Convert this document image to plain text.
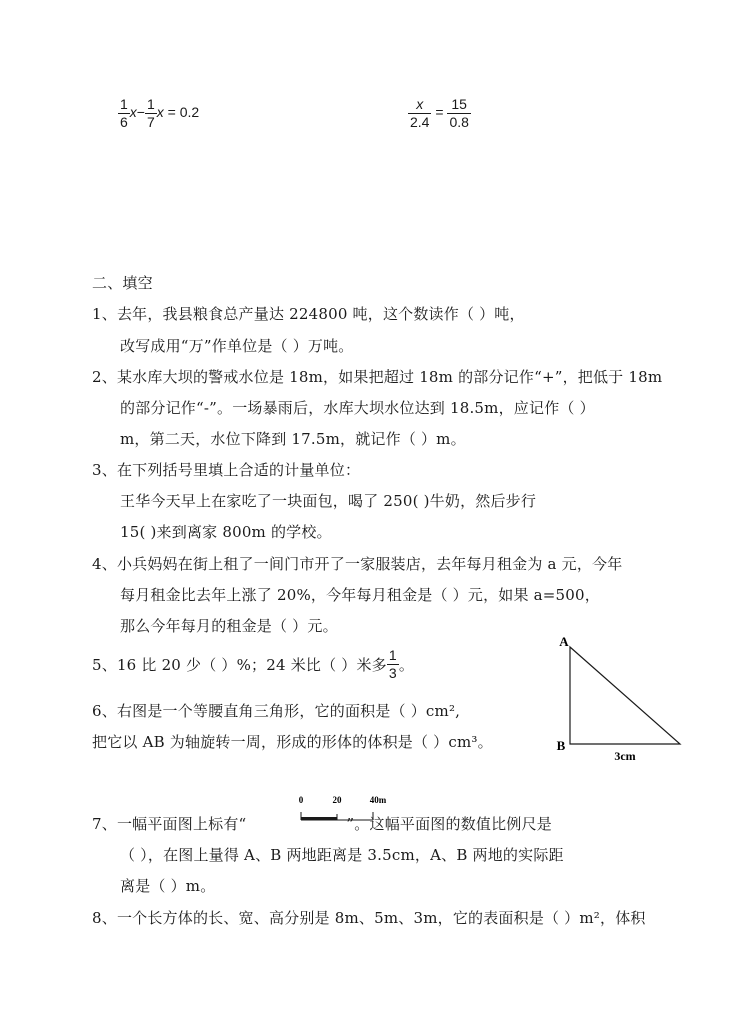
$\frac{1}{6} x- \frac{1}{7}$ x = 0.2	$\frac{x}{2.4} = \frac{15}{0.8}$
二、填空
1、去年，我县粮食总产量达 224800 吨，这个数读作（ ）吨，
改写成用“万”作单位是（ ）万吨。
2、某水库大坝的警戒水位是 18m，如果把超过 18m 的部分记作“+”，把低于 18m
的部分记作“-”。一场暴雨后，水库大坝水位达到 18.5m，应记作（ ）
m，第二天，水位下降到 17.5m，就记作（ ）m。
3、在下列括号里填上合适的计量单位：
王华今天早上在家吃了一块面包，喝了 250( )牛奶，然后步行
15( )来到离家 800m 的学校。
4、小兵妈妈在街上租了一间门市开了一家服装店，去年每月租金为 a 元，今年
每月租金比去年上涨了 20%，今年每月租金是（ ）元，如果 a=500，
那么今年每月的租金是（ ）元。
5、16 比 20 少（ ）%；24 米比（ ）米多 $\frac{1}{3}$ 。
6、右图是一个等腰直角三角形，它的面积是（ ）cm²,
把它以 AB 为轴旋转一周，形成的形体的体积是（ ）cm³。
A
B
3cm
7、一幅平面图上标有“	”。这幅平面图的数值比例尺是
0	20	40m
（ ），在图上量得 A、B 两地距离是 3.5cm，A、B 两地的实际距
离是（ ）m。
8、一个长方体的长、宽、高分别是 8m、5m、3m，它的表面积是（ ）m²，体积
